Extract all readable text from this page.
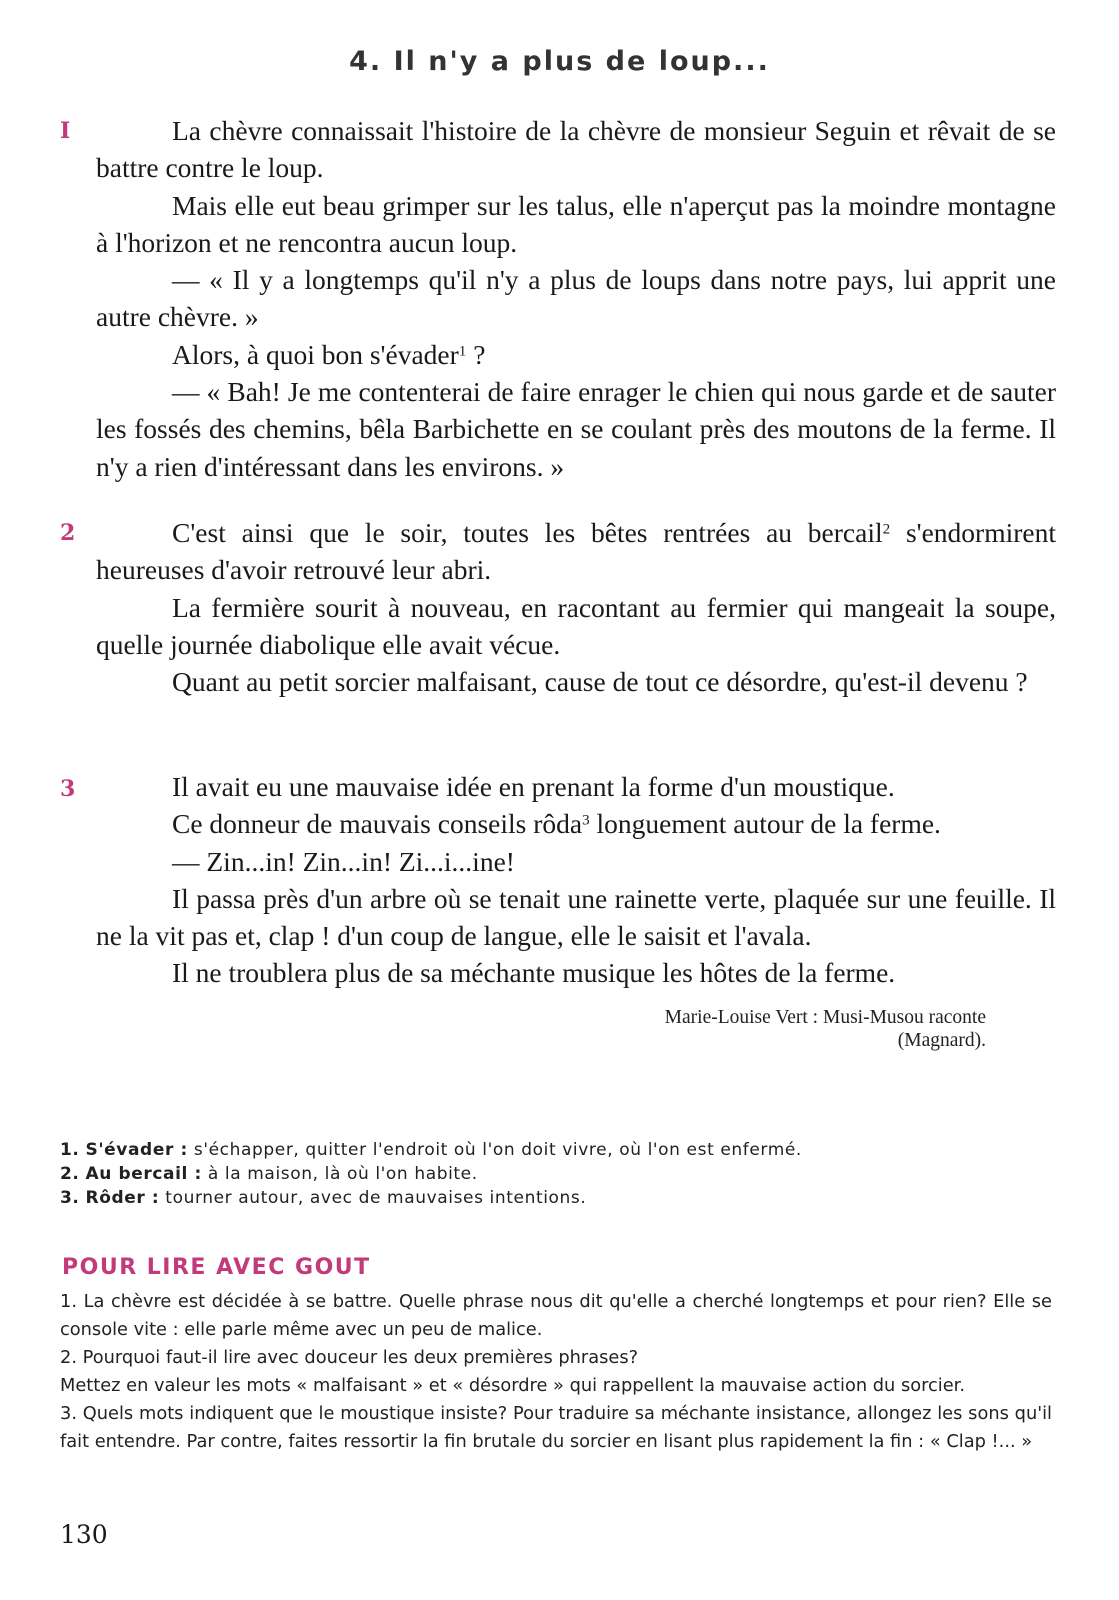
4. Il n'y a plus de loup...
I	La chèvre connaissait l'histoire de la chèvre de monsieur Seguin et rêvait de se battre contre le loup.

Mais elle eut beau grimper sur les talus, elle n'aperçut pas la moindre montagne à l'horizon et ne rencontra aucun loup.

— « Il y a longtemps qu'il n'y a plus de loups dans notre pays, lui apprit une autre chèvre. »

Alors, à quoi bon s'évader$^1$ ?

— « Bah! Je me contenterai de faire enrager le chien qui nous garde et de sauter les fossés des chemins, bêla Barbichette en se coulant près des moutons de la ferme. Il n'y a rien d'intéressant dans les environs. »

2	C'est ainsi que le soir, toutes les bêtes rentrées au bercail$^2$ s'endormirent heureuses d'avoir retrouvé leur abri.

La fermière sourit à nouveau, en racontant au fermier qui mangeait la soupe, quelle journée diabolique elle avait vécue.

Quant au petit sorcier malfaisant, cause de tout ce désordre, qu'est-il devenu ?

3	Il avait eu une mauvaise idée en prenant la forme d'un moustique.

Ce donneur de mauvais conseils rôda$^3$ longuement autour de la ferme.

— Zin...in! Zin...in! Zi...i...ine!

Il passa près d'un arbre où se tenait une rainette verte, plaquée sur une feuille. Il ne la vit pas et, clap ! d'un coup de langue, elle le saisit et l'avala.

Il ne troublera plus de sa méchante musique les hôtes de la ferme.

Marie-Louise Vert : Musi-Musou raconte
(Magnard).
1. S'évader : s'échapper, quitter l'endroit où l'on doit vivre, où l'on est enfermé.
2. Au bercail : à la maison, là où l'on habite.
3. Rôder : tourner autour, avec de mauvaises intentions.
POUR LIRE AVEC GOUT
1. La chèvre est décidée à se battre. Quelle phrase nous dit qu'elle a cherché longtemps et pour rien? Elle se console vite : elle parle même avec un peu de malice.
2. Pourquoi faut-il lire avec douceur les deux premières phrases?
Mettez en valeur les mots « malfaisant » et « désordre » qui rappellent la mauvaise action du sorcier.
3. Quels mots indiquent que le moustique insiste? Pour traduire sa méchante insistance, allongez les sons qu'il fait entendre. Par contre, faites ressortir la fin brutale du sorcier en lisant plus rapidement la fin : « Clap !... »
130
